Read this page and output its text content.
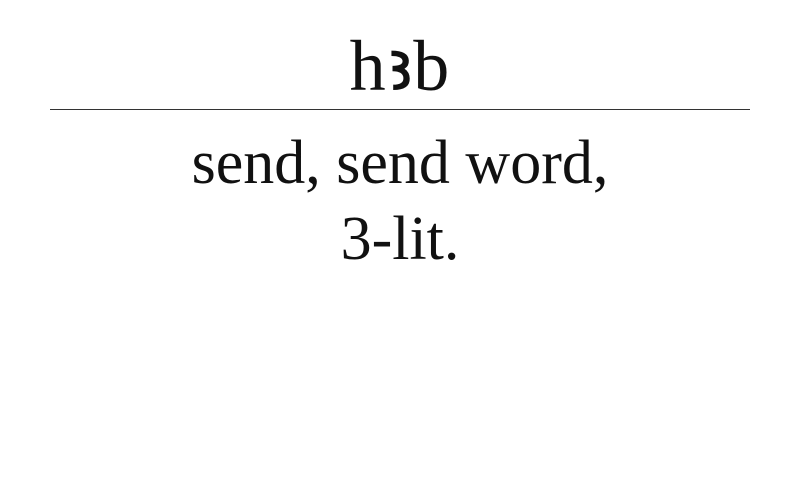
hꜣb
send, send word,
3-lit.
